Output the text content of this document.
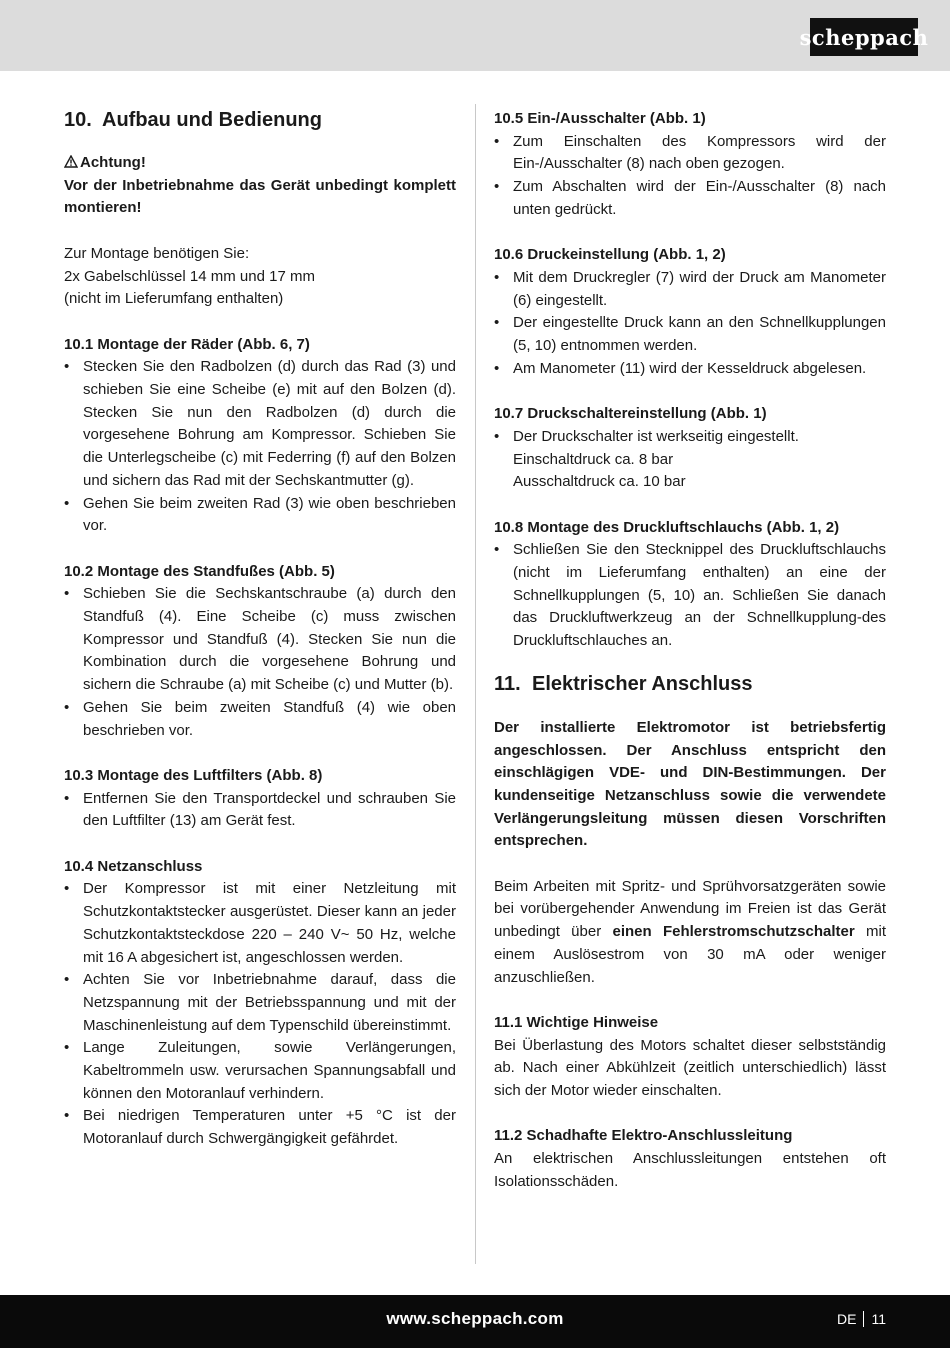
scheppach
10. Aufbau und Bedienung
Achtung!
Vor der Inbetriebnahme das Gerät unbedingt komplett montieren!
Zur Montage benötigen Sie:
2x Gabelschlüssel 14 mm und 17 mm
(nicht im Lieferumfang enthalten)
10.1 Montage der Räder (Abb. 6, 7)
• Stecken Sie den Radbolzen (d) durch das Rad (3) und schieben Sie eine Scheibe (e) mit auf den Bolzen (d). Stecken Sie nun den Radbolzen (d) durch die vorgesehene Bohrung am Kompressor. Schieben Sie die Unterlegscheibe (c) mit Federring (f) auf den Bolzen und sichern das Rad mit der Sechskantmutter (g).
• Gehen Sie beim zweiten Rad (3) wie oben beschrieben vor.
10.2 Montage des Standfußes (Abb. 5)
• Schieben Sie die Sechskantschraube (a) durch den Standfuß (4). Eine Scheibe (c) muss zwischen Kompressor und Standfuß (4). Stecken Sie nun die Kombination durch die vorgesehene Bohrung und sichern die Schraube (a) mit Scheibe (c) und Mutter (b).
• Gehen Sie beim zweiten Standfuß (4) wie oben beschrieben vor.
10.3 Montage des Luftfilters (Abb. 8)
• Entfernen Sie den Transportdeckel und schrauben Sie den Luftfilter (13) am Gerät fest.
10.4 Netzanschluss
• Der Kompressor ist mit einer Netzleitung mit Schutzkontaktstecker ausgerüstet. Dieser kann an jeder Schutzkontaktsteckdose 220 – 240 V~ 50 Hz, welche mit 16 A abgesichert ist, angeschlossen werden.
• Achten Sie vor Inbetriebnahme darauf, dass die Netzspannung mit der Betriebsspannung und mit der Maschinenleistung auf dem Typenschild übereinstimmt.
• Lange Zuleitungen, sowie Verlängerungen, Kabeltrommeln usw. verursachen Spannungsabfall und können den Motoranlauf verhindern.
• Bei niedrigen Temperaturen unter +5 °C ist der Motoranlauf durch Schwergängigkeit gefährdet.
10.5 Ein-/Ausschalter (Abb. 1)
• Zum Einschalten des Kompressors wird der Ein-/Ausschalter (8) nach oben gezogen.
• Zum Abschalten wird der Ein-/Ausschalter (8) nach unten gedrückt.
10.6 Druckeinstellung (Abb. 1, 2)
• Mit dem Druckregler (7) wird der Druck am Manometer (6) eingestellt.
• Der eingestellte Druck kann an den Schnellkupplungen (5, 10) entnommen werden.
• Am Manometer (11) wird der Kesseldruck abgelesen.
10.7 Druckschaltereinstellung (Abb. 1)
• Der Druckschalter ist werkseitig eingestellt.
Einschaltdruck ca. 8 bar
Ausschaltdruck ca. 10 bar
10.8 Montage des Druckluftschlauchs (Abb. 1, 2)
• Schließen Sie den Stecknippel des Druckluftschlauchs (nicht im Lieferumfang enthalten) an eine der Schnellkupplungen (5, 10) an. Schließen Sie danach das Druckluftwerkzeug an der Schnellkupplung-des Druckluftschlauches an.
11. Elektrischer Anschluss
Der installierte Elektromotor ist betriebsfertig angeschlossen. Der Anschluss entspricht den einschlägigen VDE- und DIN-Bestimmungen. Der kundenseitige Netzanschluss sowie die verwendete Verlängerungsleitung müssen diesen Vorschriften entsprechen.
Beim Arbeiten mit Spritz- und Sprühvorsatzgeräten sowie bei vorübergehender Anwendung im Freien ist das Gerät unbedingt über einen Fehlerstromschutzschalter mit einem Auslösestrom von 30 mA oder weniger anzuschließen.
11.1 Wichtige Hinweise
Bei Überlastung des Motors schaltet dieser selbstständig ab. Nach einer Abkühlzeit (zeitlich unterschiedlich) lässt sich der Motor wieder einschalten.
11.2 Schadhafte Elektro-Anschlussleitung
An elektrischen Anschlussleitungen entstehen oft Isolationsschäden.
www.scheppach.com	DE 11
